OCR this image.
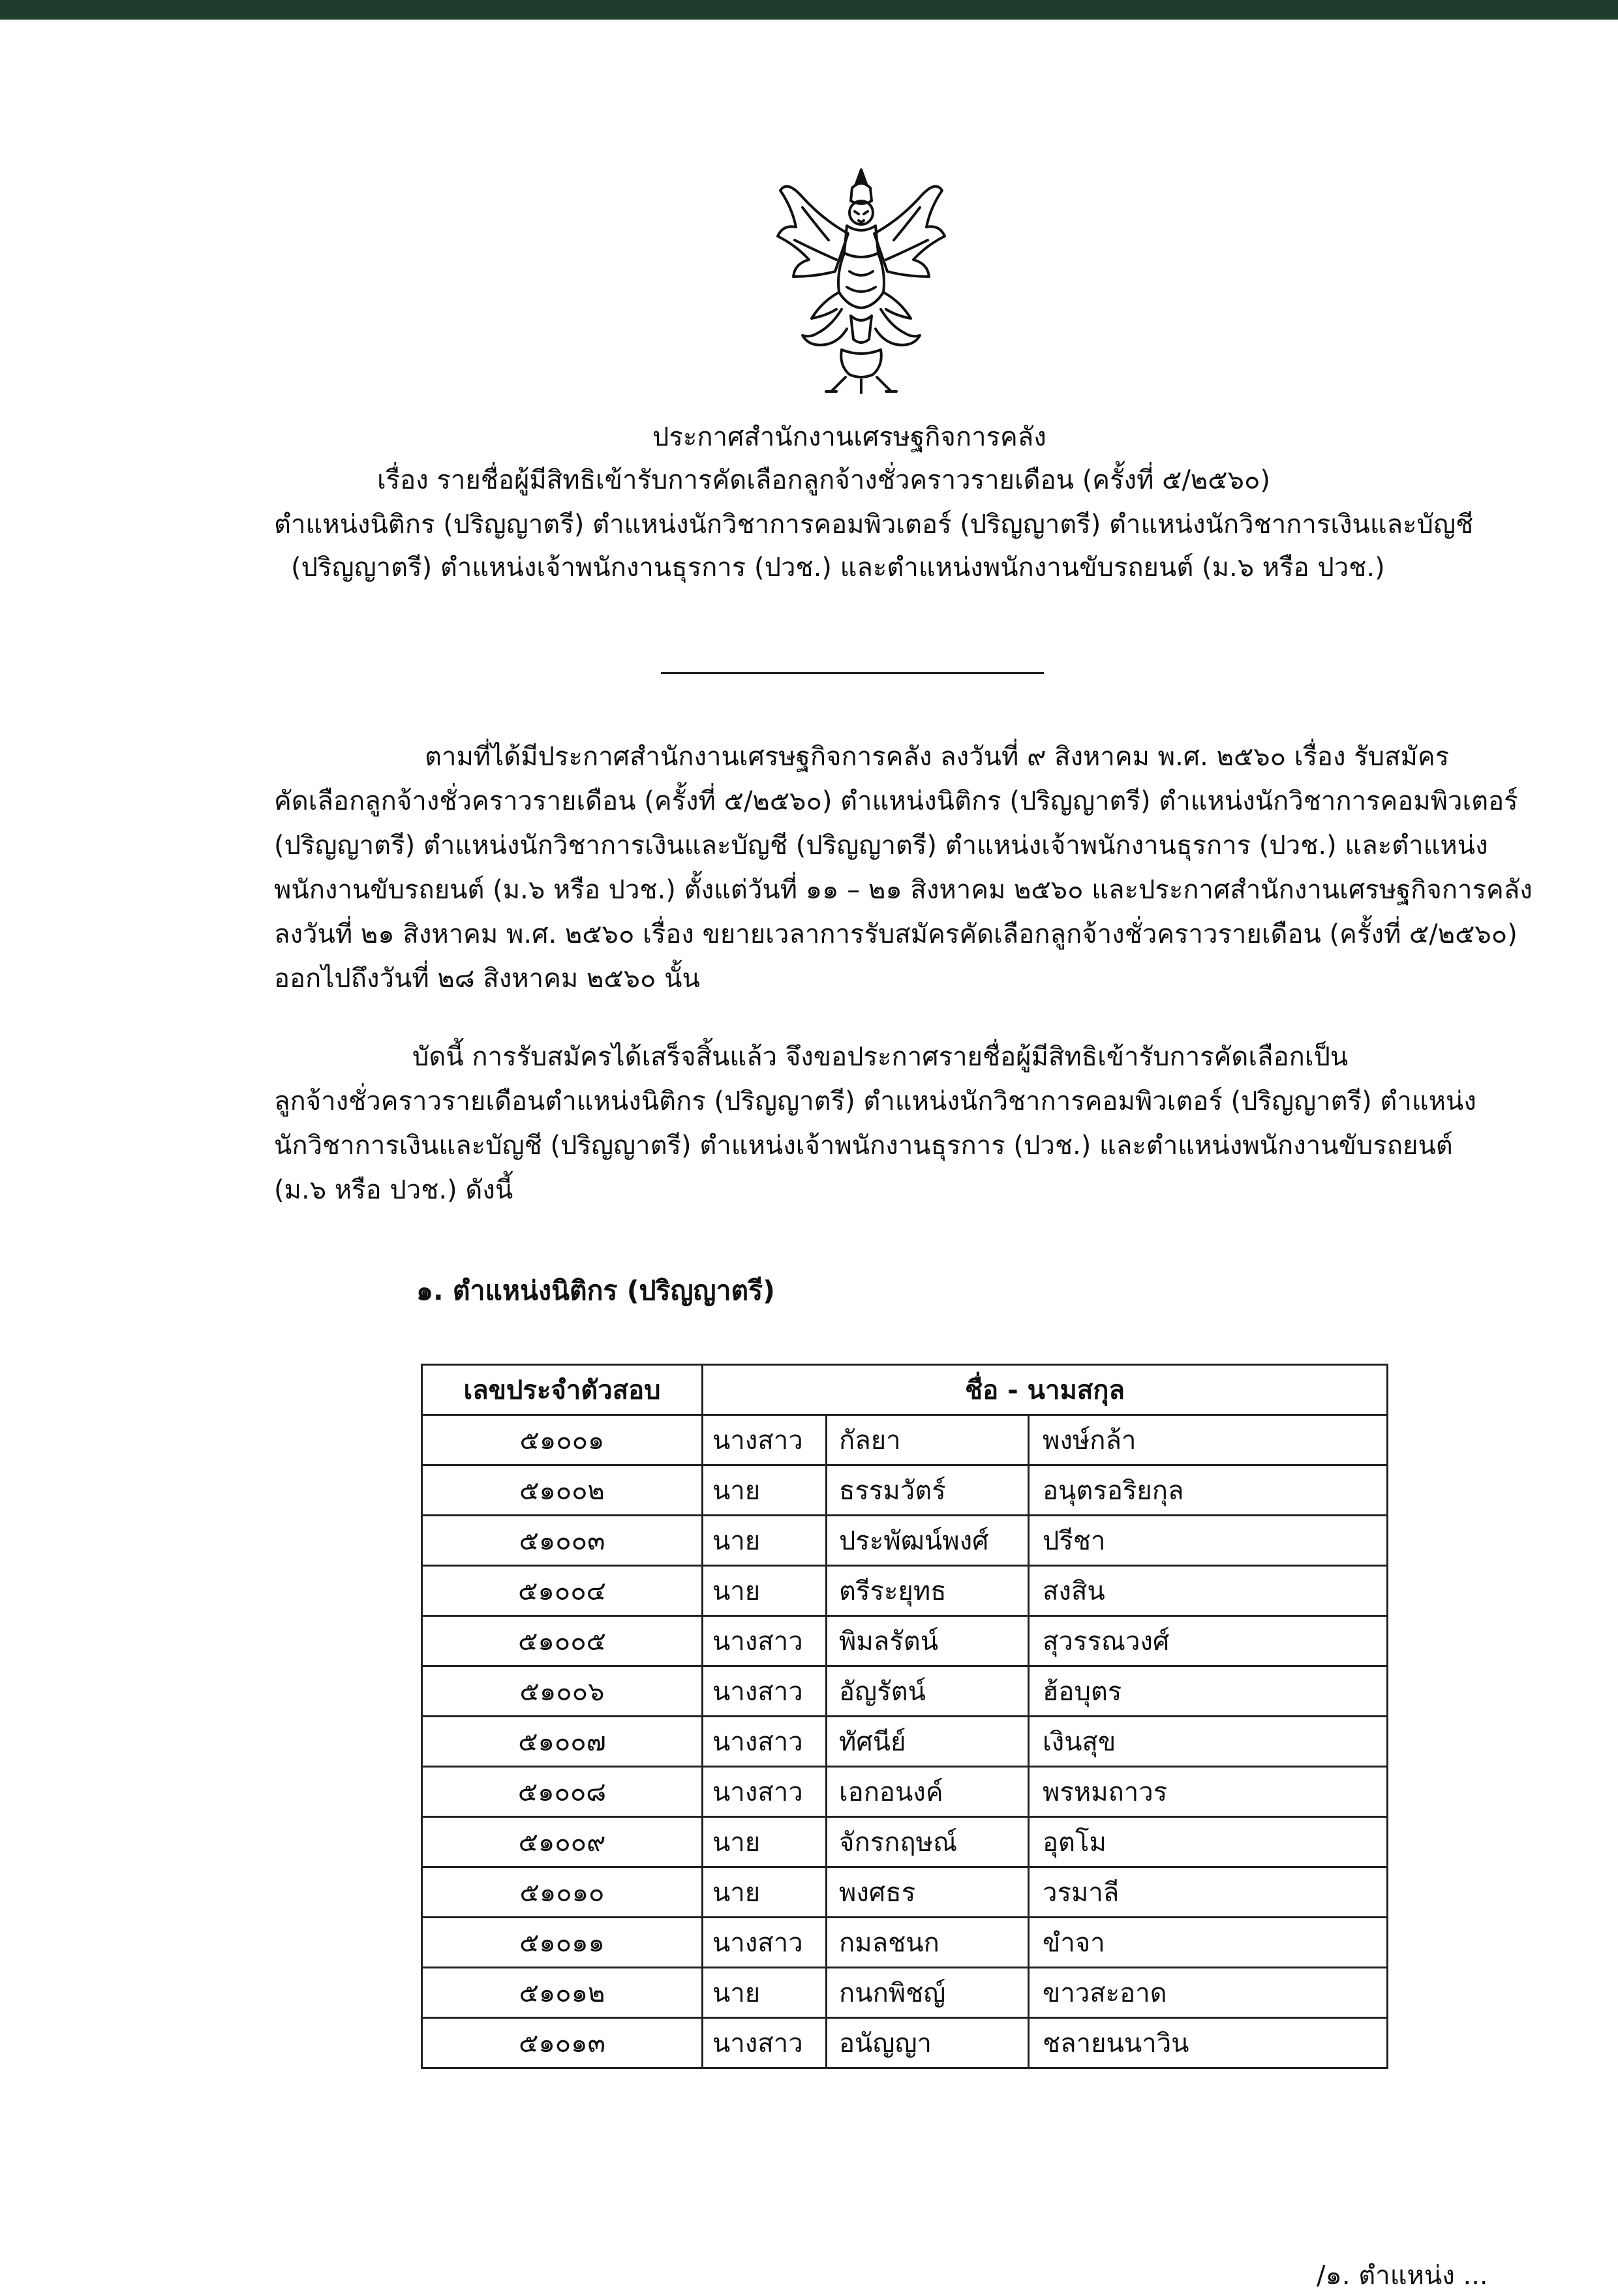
ประกาศสำนักงานเศรษฐกิจการคลัง
เรื่อง รายชื่อผู้มีสิทธิเข้ารับการคัดเลือกลูกจ้างชั่วคราวรายเดือน (ครั้งที่ ๕/๒๕๖๐)
ตำแหน่งนิติกร (ปริญญาตรี) ตำแหน่งนักวิชาการคอมพิวเตอร์ (ปริญญาตรี) ตำแหน่งนักวิชาการเงินและบัญชี
(ปริญญาตรี) ตำแหน่งเจ้าพนักงานธุรการ (ปวช.) และตำแหน่งพนักงานขับรถยนต์ (ม.๖ หรือ ปวช.)
ตามที่ได้มีประกาศสำนักงานเศรษฐกิจการคลัง ลงวันที่ ๙ สิงหาคม พ.ศ. ๒๕๖๐ เรื่อง รับสมัคร
คัดเลือกลูกจ้างชั่วคราวรายเดือน (ครั้งที่ ๕/๒๕๖๐) ตำแหน่งนิติกร (ปริญญาตรี) ตำแหน่งนักวิชาการคอมพิวเตอร์
(ปริญญาตรี) ตำแหน่งนักวิชาการเงินและบัญชี (ปริญญาตรี) ตำแหน่งเจ้าพนักงานธุรการ (ปวช.) และตำแหน่ง
พนักงานขับรถยนต์ (ม.๖ หรือ ปวช.) ตั้งแต่วันที่ ๑๑ – ๒๑ สิงหาคม ๒๕๖๐ และประกาศสำนักงานเศรษฐกิจการคลัง
ลงวันที่ ๒๑ สิงหาคม พ.ศ. ๒๕๖๐ เรื่อง ขยายเวลาการรับสมัครคัดเลือกลูกจ้างชั่วคราวรายเดือน (ครั้งที่ ๕/๒๕๖๐)
ออกไปถึงวันที่ ๒๘ สิงหาคม ๒๕๖๐ นั้น
บัดนี้ การรับสมัครได้เสร็จสิ้นแล้ว จึงขอประกาศรายชื่อผู้มีสิทธิเข้ารับการคัดเลือกเป็น
ลูกจ้างชั่วคราวรายเดือนตำแหน่งนิติกร (ปริญญาตรี) ตำแหน่งนักวิชาการคอมพิวเตอร์ (ปริญญาตรี) ตำแหน่ง
นักวิชาการเงินและบัญชี (ปริญญาตรี) ตำแหน่งเจ้าพนักงานธุรการ (ปวช.) และตำแหน่งพนักงานขับรถยนต์
(ม.๖ หรือ ปวช.) ดังนี้
๑. ตำแหน่งนิติกร (ปริญญาตรี)
เลขประจำตัวสอบ	ชื่อ - นามสกุล		
๕๑๐๐๑	นางสาว	กัลยา	พงษ์กล้า
๕๑๐๐๒	นาย	ธรรมวัตร์	อนุตรอริยกุล
๕๑๐๐๓	นาย	ประพัฒน์พงศ์	ปรีชา
๕๑๐๐๔	นาย	ตรีระยุทธ	สงสิน
๕๑๐๐๕	นางสาว	พิมลรัตน์	สุวรรณวงศ์
๕๑๐๐๖	นางสาว	อัญรัตน์	ฮ้อบุตร
๕๑๐๐๗	นางสาว	ทัศนีย์	เงินสุข
๕๑๐๐๘	นางสาว	เอกอนงค์	พรหมถาวร
๕๑๐๐๙	นาย	จักรกฤษณ์	อุตโม
๕๑๐๑๐	นาย	พงศธร	วรมาลี
๕๑๐๑๑	นางสาว	กมลชนก	ขำจา
๕๑๐๑๒	นาย	กนกพิชญ์	ขาวสะอาด
๕๑๐๑๓	นางสาว	อนัญญา	ชลายนนาวิน
/๑. ตำแหน่ง ...
